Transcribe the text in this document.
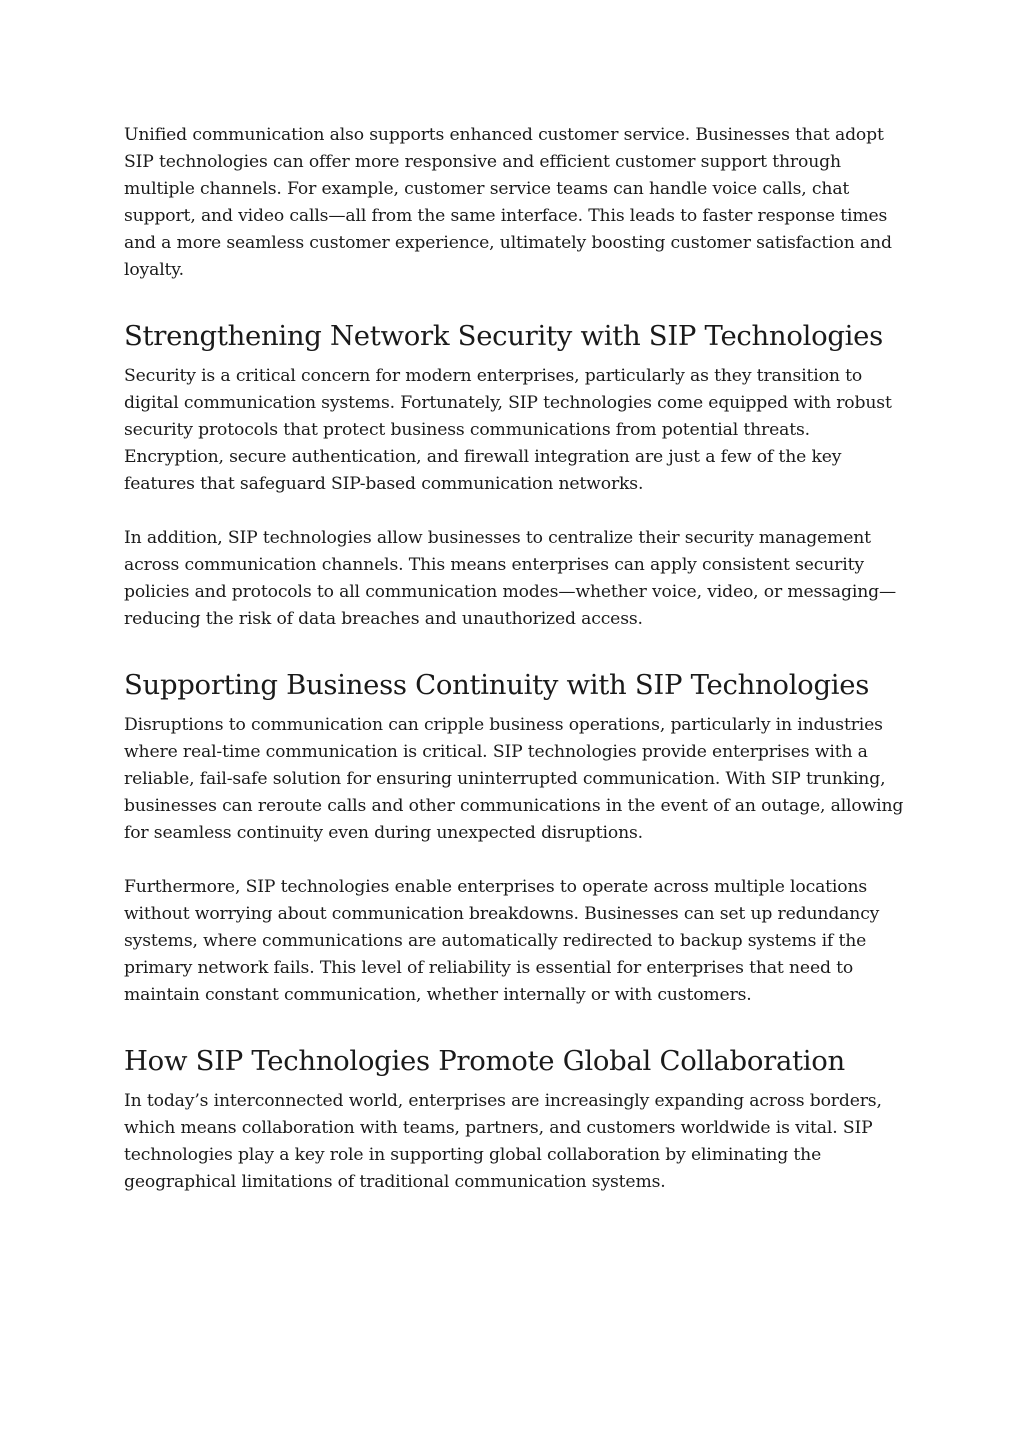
Unified communication also supports enhanced customer service. Businesses that adopt SIP technologies can offer more responsive and efficient customer support through multiple channels. For example, customer service teams can handle voice calls, chat support, and video calls—all from the same interface. This leads to faster response times and a more seamless customer experience, ultimately boosting customer satisfaction and loyalty.

Strengthening Network Security with SIP Technologies

Security is a critical concern for modern enterprises, particularly as they transition to digital communication systems. Fortunately, SIP technologies come equipped with robust security protocols that protect business communications from potential threats. Encryption, secure authentication, and firewall integration are just a few of the key features that safeguard SIP-based communication networks.

In addition, SIP technologies allow businesses to centralize their security management across communication channels. This means enterprises can apply consistent security policies and protocols to all communication modes—whether voice, video, or messaging—reducing the risk of data breaches and unauthorized access.

Supporting Business Continuity with SIP Technologies

Disruptions to communication can cripple business operations, particularly in industries where real-time communication is critical. SIP technologies provide enterprises with a reliable, fail-safe solution for ensuring uninterrupted communication. With SIP trunking, businesses can reroute calls and other communications in the event of an outage, allowing for seamless continuity even during unexpected disruptions.

Furthermore, SIP technologies enable enterprises to operate across multiple locations without worrying about communication breakdowns. Businesses can set up redundancy systems, where communications are automatically redirected to backup systems if the primary network fails. This level of reliability is essential for enterprises that need to maintain constant communication, whether internally or with customers.

How SIP Technologies Promote Global Collaboration

In today’s interconnected world, enterprises are increasingly expanding across borders, which means collaboration with teams, partners, and customers worldwide is vital. SIP technologies play a key role in supporting global collaboration by eliminating the geographical limitations of traditional communication systems.
